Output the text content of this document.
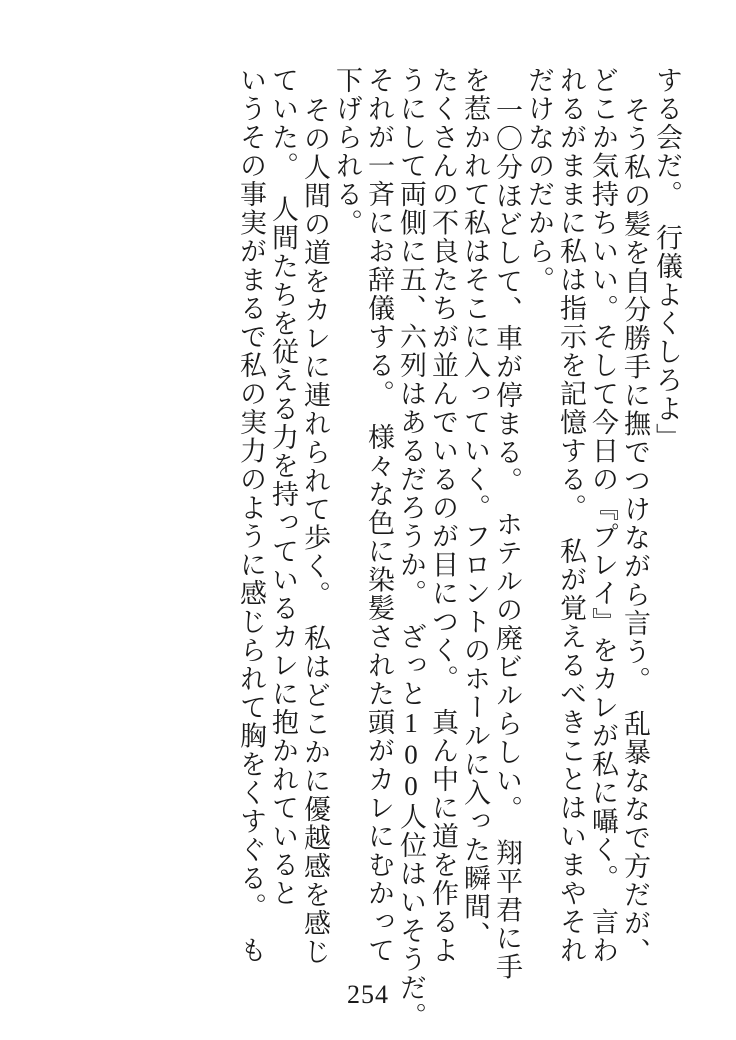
する会だ。　行儀よくしろよ」
そう私の髪を自分勝手に撫でつけながら言う。　乱暴ななで方だが、
どこか気持ちいい。そして今日の『プレイ』をカレが私に囁く。　言わ
れるがままに私は指示を記憶する。　私が覚えるべきことはいまやそれ
だけなのだから。
一〇分ほどして、車が停まる。　ホテルの廃ビルらしい。　翔平君に手
を惹かれて私はそこに入っていく。フロントのホールに入った瞬間、
たくさんの不良たちが並んでいるのが目につく。　真ん中に道を作るよ
うにして両側に五、六列はあるだろうか。　ざっと100人位はいそうだ。
それが一斉にお辞儀する。　様々な色に染髪された頭がカレにむかって
下げられる。
その人間の道をカレに連れられて歩く。　私はどこかに優越感を感じ
ていた。　人間たちを従える力を持っているカレに抱かれていると
いうその事実がまるで私の実力のように感じられて胸をくすぐる。　も
254
